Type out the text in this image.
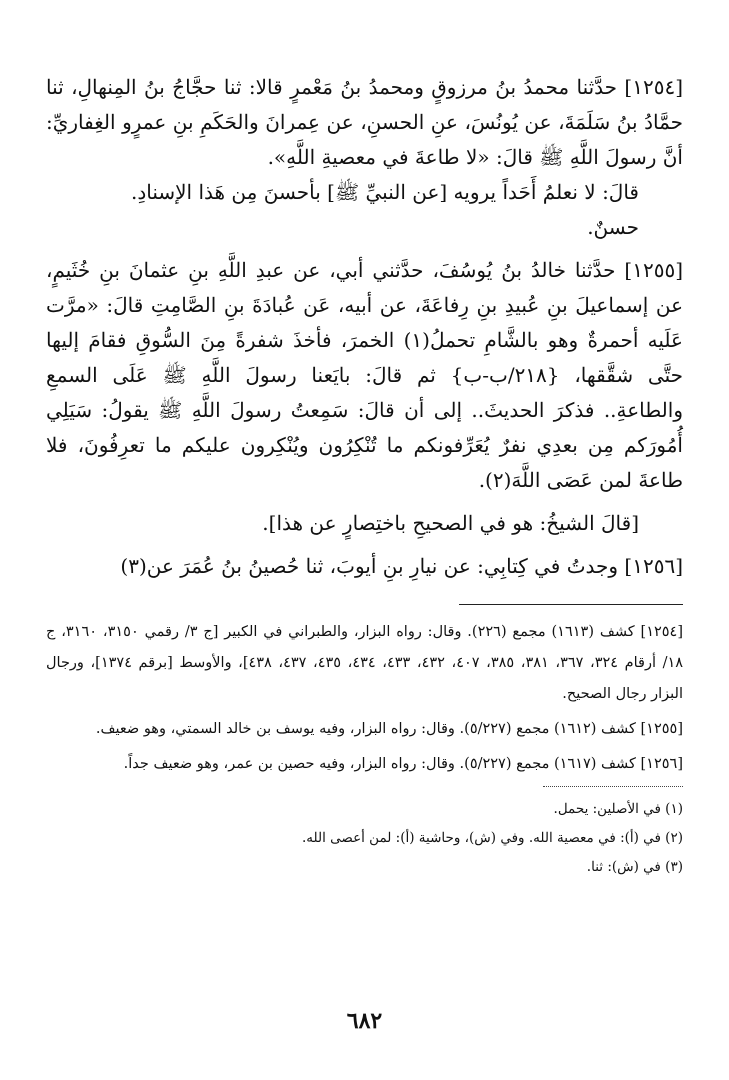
[١٢٥٤] حدَّثنا محمدُ بنُ مرزوقٍ ومحمدُ بنُ مَعْمرٍ قالا: ثنا حجَّاجُ بنُ المِنهالِ، ثنا حمَّادُ بنُ سَلَمَةَ، عن يُونُسَ، عنِ الحسنِ، عن عِمرانَ والحَكَمِ بنِ عمرٍو الغِفاريِّ: أنَّ رسولَ اللَّهِ ﷺ قالَ: «لا طاعةَ في معصيةِ اللَّهِ».

قالَ: لا نعلمُ أَحَداً يرويه [عن النبيِّ ﷺ] بأحسنَ مِن هَذا الإسنادِ.

حسنٌ.

[١٢٥٥] حدَّثنا خالدُ بنُ يُوسُفَ، حدَّثني أبي، عن عبدِ اللَّهِ بنِ عثمانَ بنِ خُثَيمٍ، عن إسماعيلَ بنِ عُبيدِ بنِ رِفاعَةَ، عن أبيه، عَن عُبادَةَ بنِ الصَّامِتِ قالَ: «مرَّت عَلَيه أحمرةٌ وهو بالشَّامِ تحملُ(١) الخمرَ، فأخذَ شفرةً مِنَ السُّوقِ فقامَ إليها حتَّى شقَّقها، {٢١٨/ب-ب} ثم قالَ: بايَعنا رسولَ اللَّهِ ﷺ عَلَى السمعِ والطاعةِ.. فذكرَ الحديثَ.. إلى أن قالَ: سَمِعتُ رسولَ اللَّهِ ﷺ يقولُ: سَيَلِي أُمُورَكم مِن بعدِي نفرٌ يُعَرِّفونكم ما تُنْكِرُون ويُنْكِرون عليكم ما تعرِفُونَ، فلا طاعةَ لمن عَصَى اللَّهَ(٢).

[قالَ الشيخُ: هو في الصحيحِ باختِصارٍ عن هذا].

[١٢٥٦] وجدتُ في كِتابِي: عن نيارِ بنِ أيوبَ، ثنا حُصينُ بنُ عُمَرَ عن(٣)

[١٢٥٤] كشف (١٦١٣) مجمع (٢٢٦). وقال: رواه البزار، والطبراني في الكبير [ج ٣/ رقمي ٣١٥٠، ٣١٦٠، ج ١٨/ أرقام ٣٢٤، ٣٦٧، ٣٨١، ٣٨٥، ٤٠٧، ٤٣٢، ٤٣٣، ٤٣٤، ٤٣٥، ٤٣٧، ٤٣٨]، والأوسط [برقم ١٣٧٤]، ورجال البزار رجال الصحيح.

[١٢٥٥] كشف (١٦١٢) مجمع (٥/٢٢٧). وقال: رواه البزار، وفيه يوسف بن خالد السمتي، وهو ضعيف.

[١٢٥٦] كشف (١٦١٧) مجمع (٥/٢٢٧). وقال: رواه البزار، وفيه حصين بن عمر، وهو ضعيف جداً.

(١) في الأصلين: يحمل.

(٢) في (أ): في معصية الله. وفي (ش)، وحاشية (أ): لمن أعصى الله.

(٣) في (ش): ثنا.

٦٨٢
